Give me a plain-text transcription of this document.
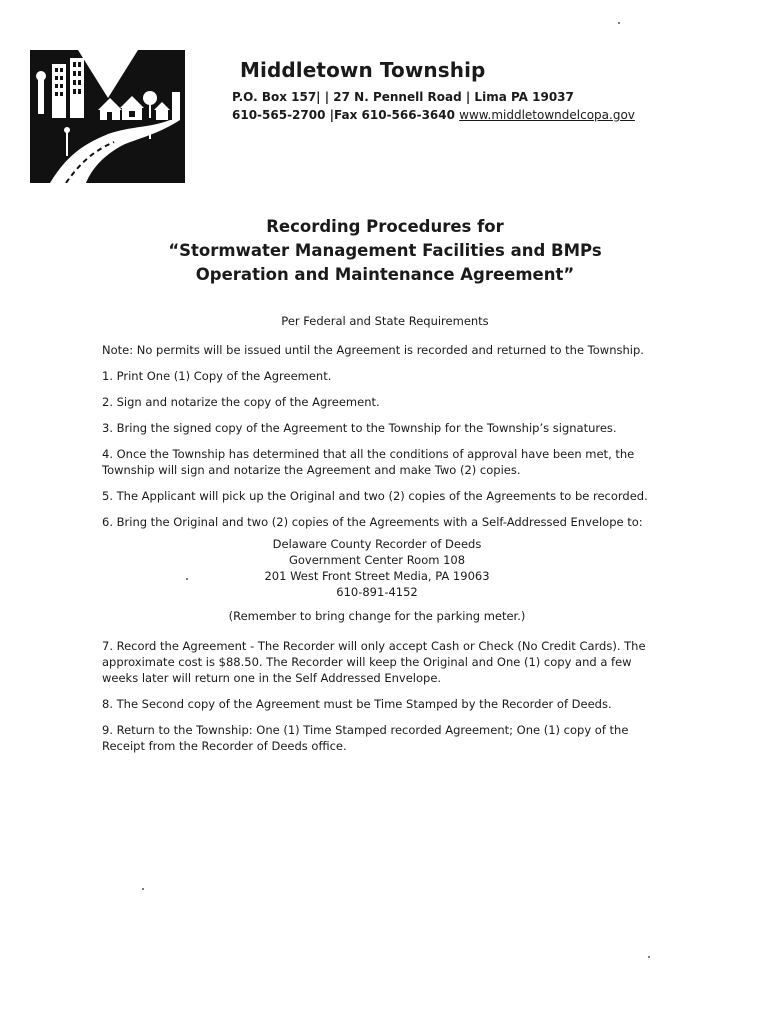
Middletown Township

P.O. Box 157| | 27 N. Pennell Road | Lima PA 19037

610-565-2700 |Fax 610-566-3640 www.middletowndelcopa.gov

Recording Procedures for

“Stormwater Management Facilities and BMPs

Operation and Maintenance Agreement”

Per Federal and State Requirements

Note: No permits will be issued until the Agreement is recorded and returned to the Township.

1. Print One (1) Copy of the Agreement.

2. Sign and notarize the copy of the Agreement.

3. Bring the signed copy of the Agreement to the Township for the Township’s signatures.

4. Once the Township has determined that all the conditions of approval have been met, the Township will sign and notarize the Agreement and make Two (2) copies.

5. The Applicant will pick up the Original and two (2) copies of the Agreements to be recorded.

6. Bring the Original and two (2) copies of the Agreements with a Self-Addressed Envelope to:

Delaware County Recorder of Deeds
Government Center Room 108
201 West Front Street Media, PA 19063
610-891-4152
(Remember to bring change for the parking meter.)

7. Record the Agreement - The Recorder will only accept Cash or Check (No Credit Cards). The approximate cost is $88.50. The Recorder will keep the Original and One (1) copy and a few weeks later will return one in the Self Addressed Envelope.

8. The Second copy of the Agreement must be Time Stamped by the Recorder of Deeds.

9. Return to the Township: One (1) Time Stamped recorded Agreement; One (1) copy of the Receipt from the Recorder of Deeds office.
